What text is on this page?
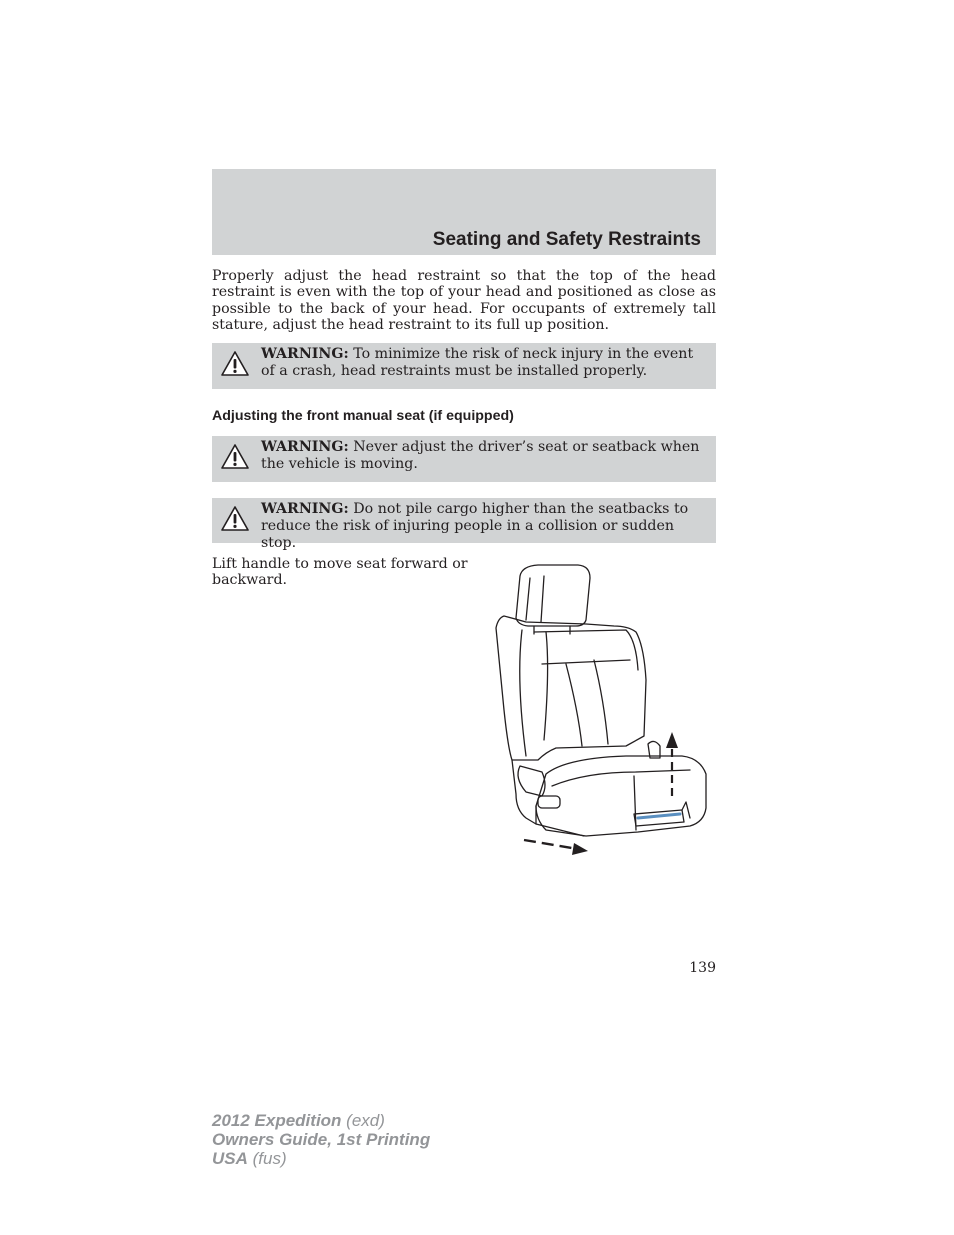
Seating and Safety Restraints

Properly adjust the head restraint so that the top of the head restraint is even with the top of your head and positioned as close as possible to the back of your head. For occupants of extremely tall stature, adjust the head restraint to its full up position.

WARNING: To minimize the risk of neck injury in the event of a crash, head restraints must be installed properly.

Adjusting the front manual seat (if equipped)

WARNING: Never adjust the driver’s seat or seatback when the vehicle is moving.

WARNING: Do not pile cargo higher than the seatbacks to reduce the risk of injuring people in a collision or sudden stop.

Lift handle to move seat forward or backward.

139
2012 Expedition (exd)
Owners Guide, 1st Printing
USA (fus)
